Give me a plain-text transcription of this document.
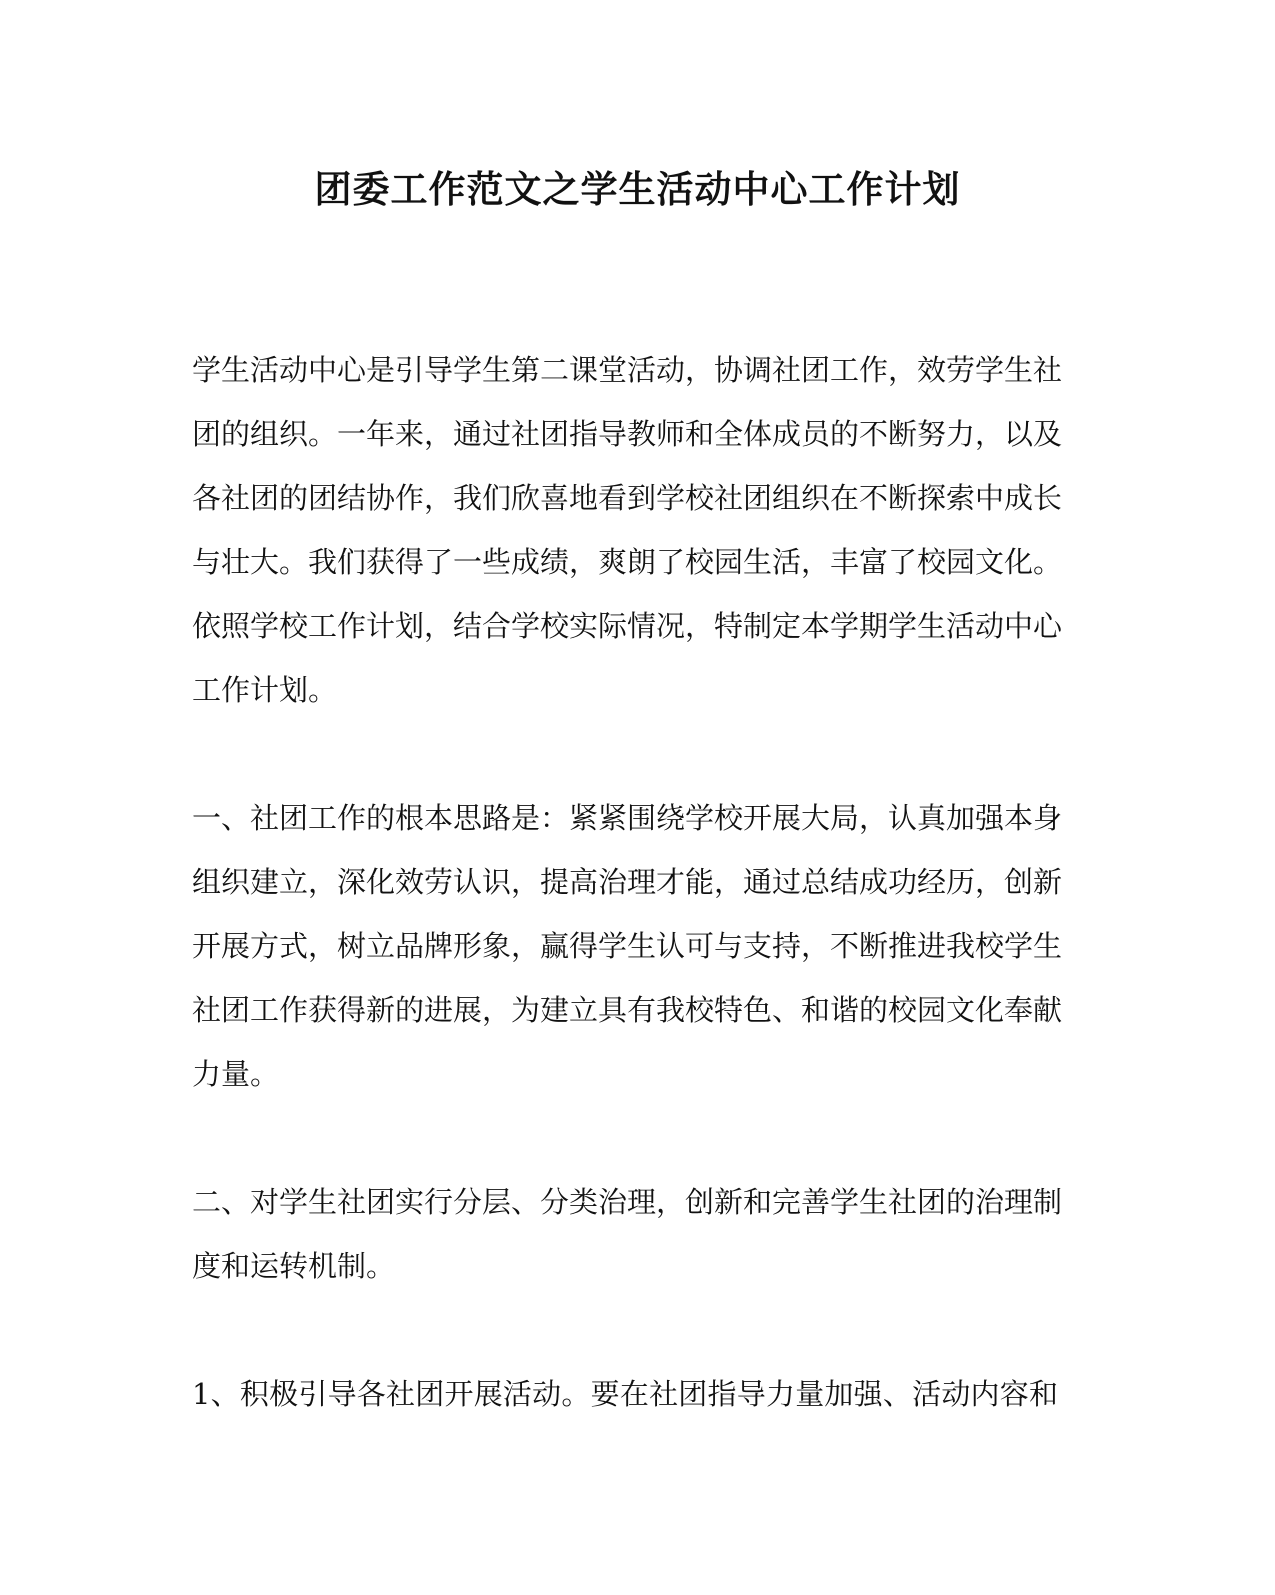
团委工作范文之学生活动中心工作计划
学生活动中心是引导学生第二课堂活动，协调社团工作，效劳学生社
团的组织。一年来，通过社团指导教师和全体成员的不断努力，以及
各社团的团结协作，我们欣喜地看到学校社团组织在不断探索中成长
与壮大。我们获得了一些成绩，爽朗了校园生活，丰富了校园文化。
依照学校工作计划，结合学校实际情况，特制定本学期学生活动中心
工作计划。
一、社团工作的根本思路是：紧紧围绕学校开展大局，认真加强本身
组织建立，深化效劳认识，提高治理才能，通过总结成功经历，创新
开展方式，树立品牌形象，赢得学生认可与支持，不断推进我校学生
社团工作获得新的进展，为建立具有我校特色、和谐的校园文化奉献
力量。
二、对学生社团实行分层、分类治理，创新和完善学生社团的治理制
度和运转机制。
1、积极引导各社团开展活动。要在社团指导力量加强、活动内容和
